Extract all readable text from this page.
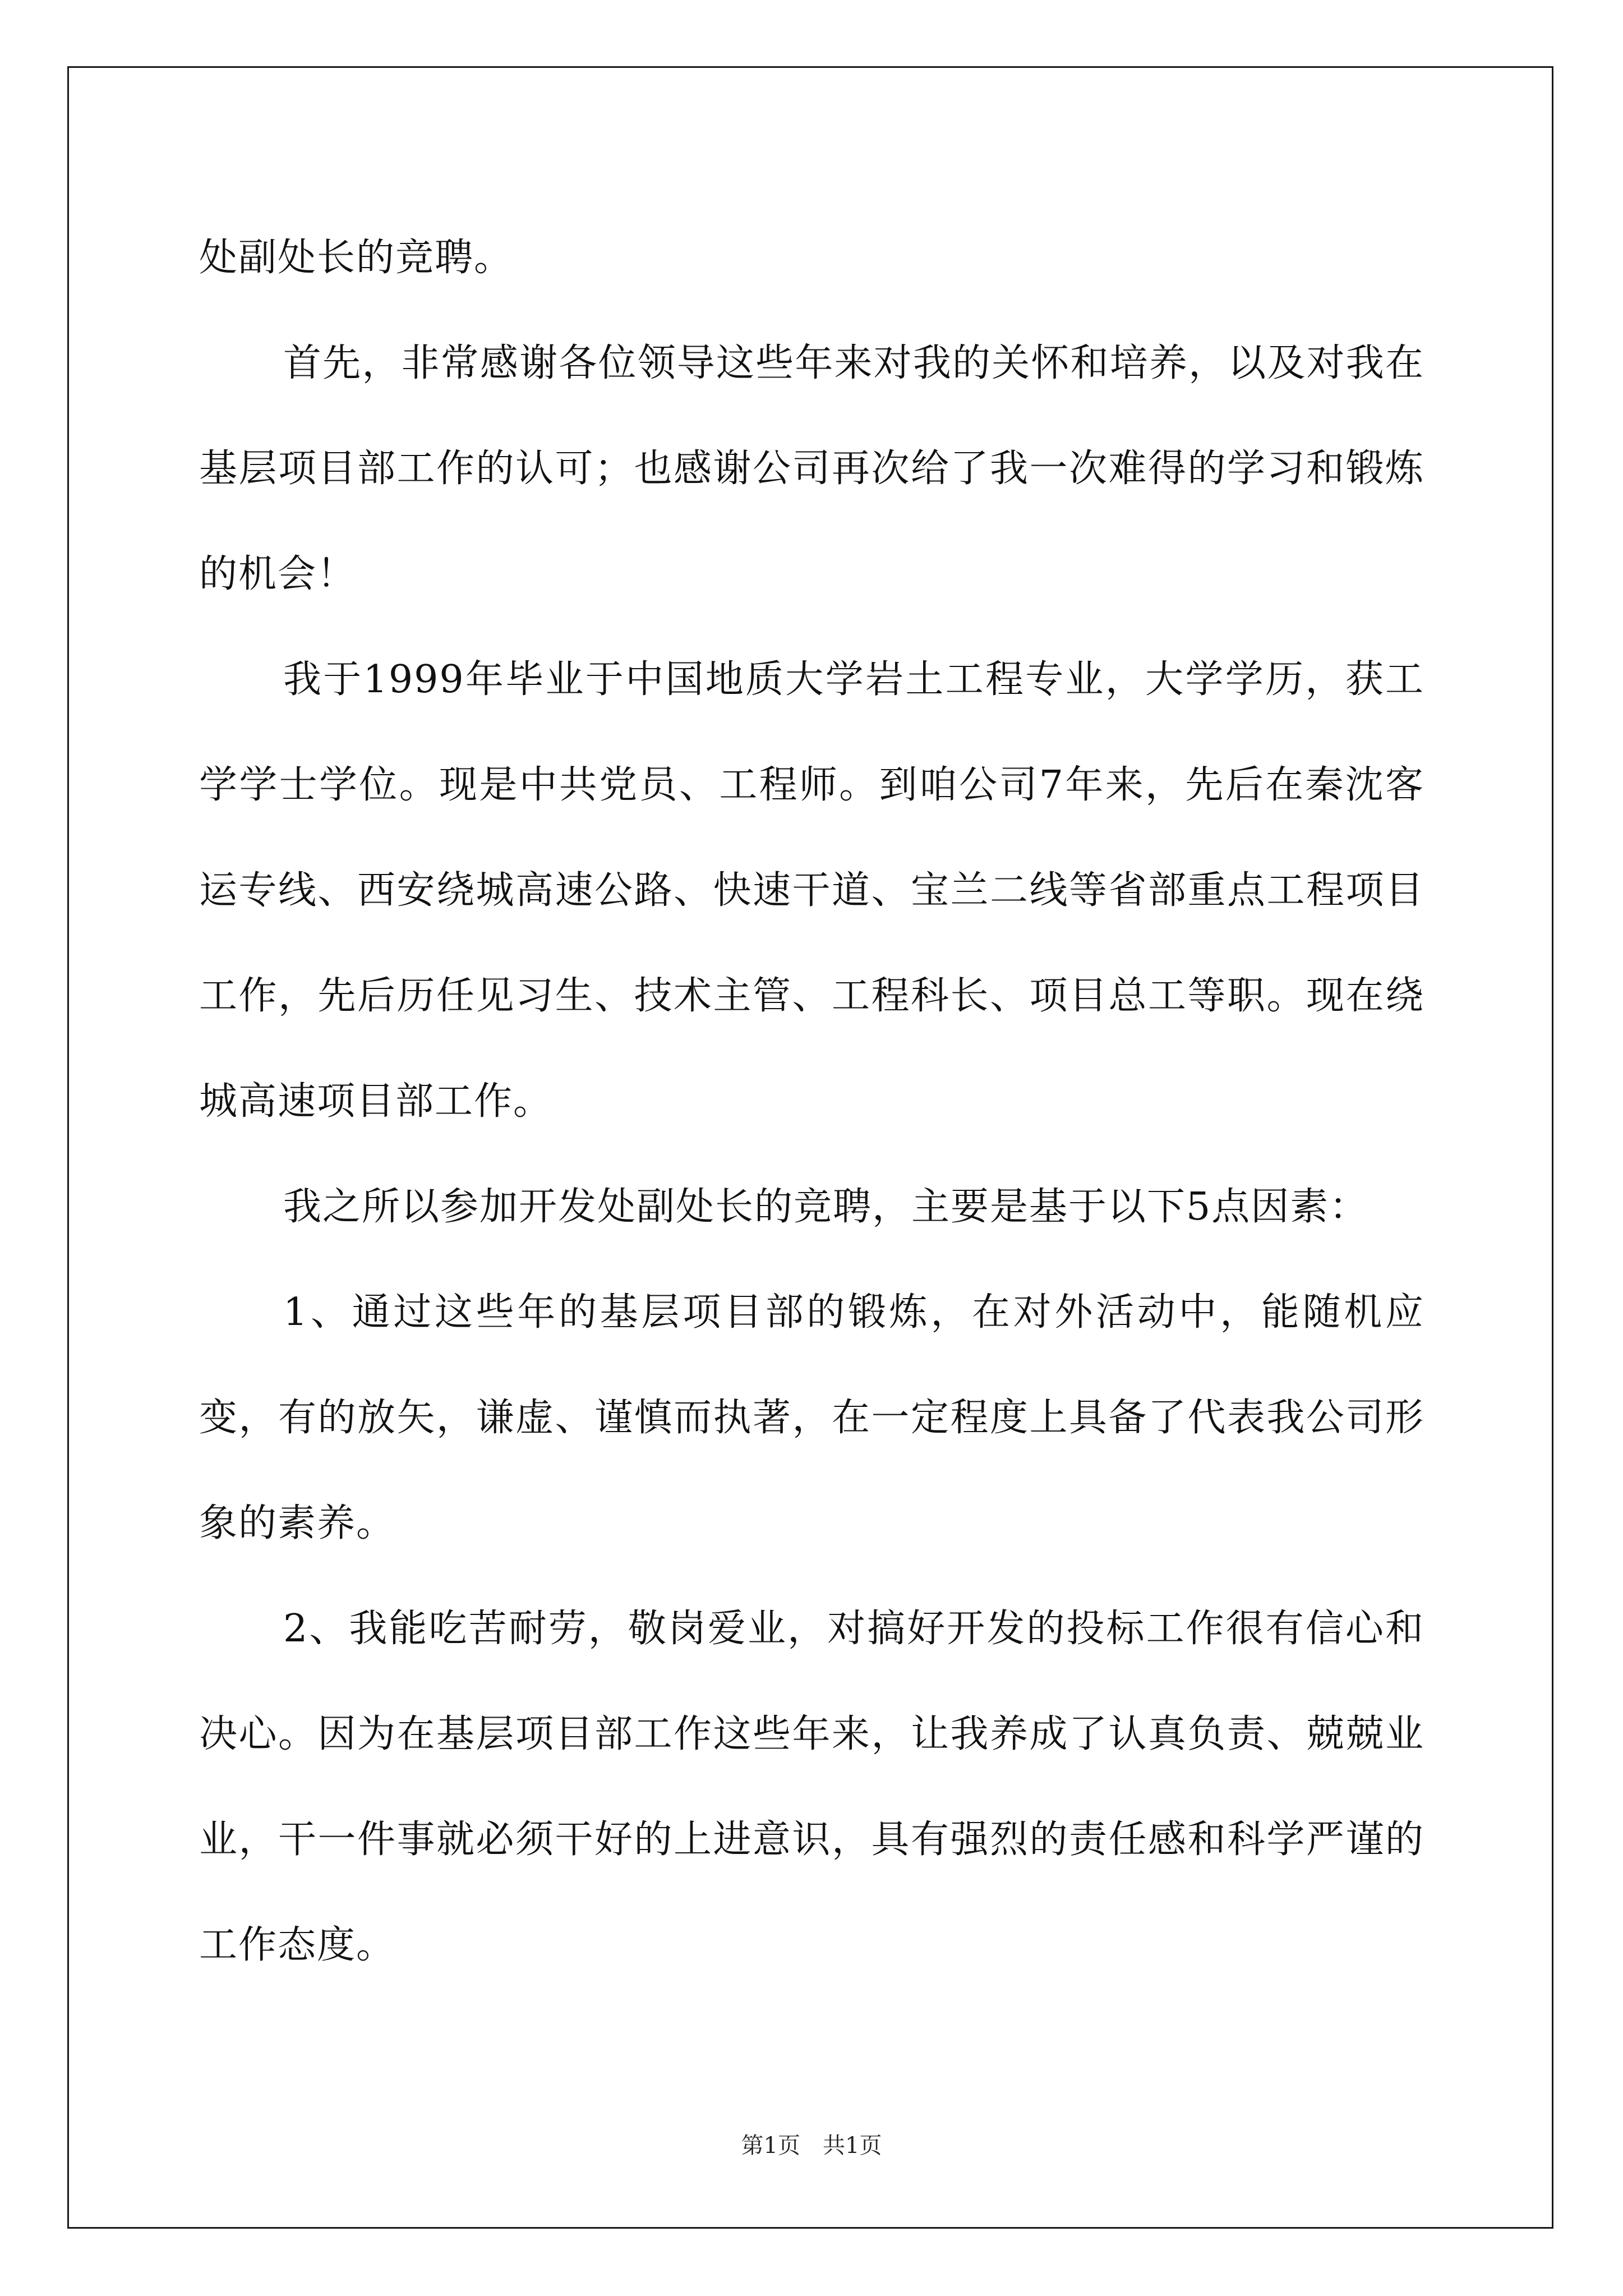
处副处长的竞聘。

首先，非常感谢各位领导这些年来对我的关怀和培养，以及对我在基层项目部工作的认可；也感谢公司再次给了我一次难得的学习和锻炼的机会！

我于1999年毕业于中国地质大学岩土工程专业，大学学历，获工学学士学位。现是中共党员、工程师。到咱公司7年来，先后在秦沈客运专线、西安绕城高速公路、快速干道、宝兰二线等省部重点工程项目工作，先后历任见习生、技术主管、工程科长、项目总工等职。现在绕城高速项目部工作。

我之所以参加开发处副处长的竞聘，主要是基于以下5点因素：

1、通过这些年的基层项目部的锻炼，在对外活动中，能随机应变，有的放矢，谦虚、谨慎而执著，在一定程度上具备了代表我公司形象的素养。

2、我能吃苦耐劳，敬岗爱业，对搞好开发的投标工作很有信心和决心。因为在基层项目部工作这些年来，让我养成了认真负责、兢兢业业，干一件事就必须干好的上进意识，具有强烈的责任感和科学严谨的工作态度。

第1页 共1页
